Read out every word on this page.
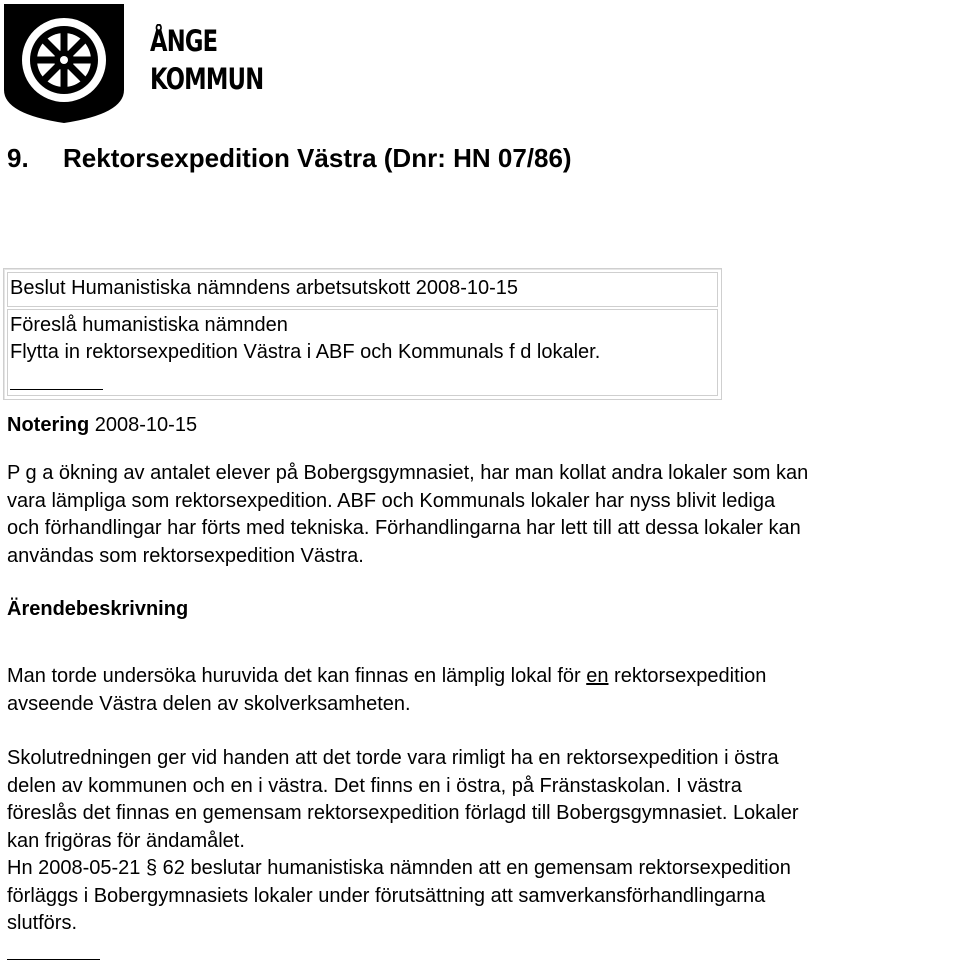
ÅNGE
KOMMUN
9. Rektorsexpedition Västra (Dnr: HN 07/86)
Beslut Humanistiska nämndens arbetsutskott 2008-10-15
Föreslå humanistiska nämnden
Flytta in rektorsexpedition Västra i ABF och Kommunals f d lokaler.
Notering 2008-10-15
P g a ökning av antalet elever på Bobergsgymnasiet, har man kollat andra lokaler som kan
vara lämpliga som rektorsexpedition. ABF och Kommunals lokaler har nyss blivit lediga
och förhandlingar har förts med tekniska. Förhandlingarna har lett till att dessa lokaler kan
användas som rektorsexpedition Västra.
Ärendebeskrivning
Man torde undersöka huruvida det kan finnas en lämplig lokal för en rektorsexpedition
avseende Västra delen av skolverksamheten.
Skolutredningen ger vid handen att det torde vara rimligt ha en rektorsexpedition i östra
delen av kommunen och en i västra. Det finns en i östra, på Fränstaskolan. I västra
föreslås det finnas en gemensam rektorsexpedition förlagd till Bobergsgymnasiet. Lokaler
kan frigöras för ändamålet.
Hn 2008-05-21 § 62 beslutar humanistiska nämnden att en gemensam rektorsexpedition
förläggs i Bobergymnasiets lokaler under förutsättning att samverkansförhandlingarna
slutförs.
